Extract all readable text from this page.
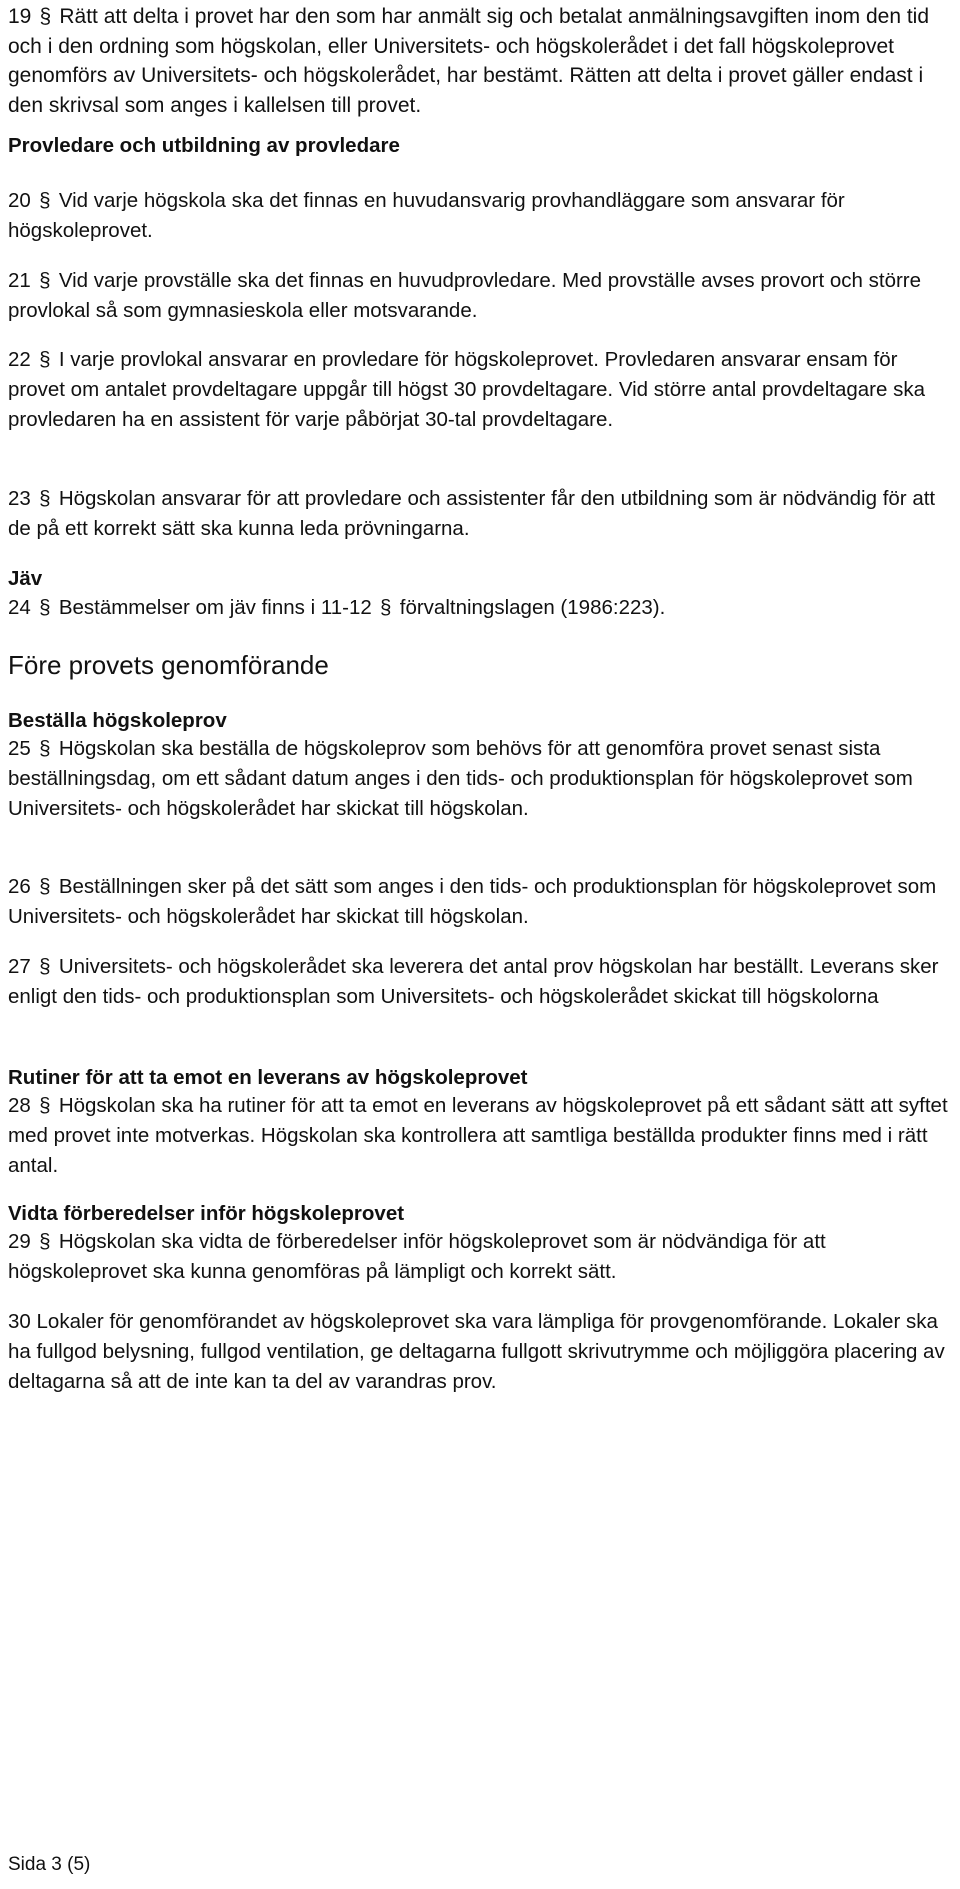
19 § Rätt att delta i provet har den som har anmält sig och betalat anmälningsavgiften inom den tid och i den ordning som högskolan, eller Universitets- och högskolerådet i det fall högskoleprovet genomförs av Universitets- och högskolerådet, har bestämt. Rätten att delta i provet gäller endast i den skrivsal som anges i kallelsen till provet.

Provledare och utbildning av provledare

20 § Vid varje högskola ska det finnas en huvudansvarig provhandläggare som ansvarar för högskoleprovet.

21 § Vid varje provställe ska det finnas en huvudprovledare. Med provställe avses provort och större provlokal så som gymnasieskola eller motsvarande.

22 § I varje provlokal ansvarar en provledare för högskoleprovet. Provledaren ansvarar ensam för provet om antalet provdeltagare uppgår till högst 30 provdeltagare. Vid större antal provdeltagare ska provledaren ha en assistent för varje påbörjat 30-tal provdeltagare.

23 § Högskolan ansvarar för att provledare och assistenter får den utbildning som är nödvändig för att de på ett korrekt sätt ska kunna leda prövningarna.

Jäv

24 § Bestämmelser om jäv finns i 11-12 § förvaltningslagen (1986:223).

Före provets genomförande

Beställa högskoleprov

25 § Högskolan ska beställa de högskoleprov som behövs för att genomföra provet senast sista beställningsdag, om ett sådant datum anges i den tids- och produktionsplan för högskoleprovet som Universitets- och högskolerådet har skickat till högskolan.

26 § Beställningen sker på det sätt som anges i den tids- och produktionsplan för högskoleprovet som Universitets- och högskolerådet har skickat till högskolan.

27 § Universitets- och högskolerådet ska leverera det antal prov högskolan har beställt. Leverans sker enligt den tids- och produktionsplan som Universitets- och högskolerådet skickat till högskolorna

Rutiner för att ta emot en leverans av högskoleprovet

28 § Högskolan ska ha rutiner för att ta emot en leverans av högskoleprovet på ett sådant sätt att syftet med provet inte motverkas. Högskolan ska kontrollera att samtliga beställda produkter finns med i rätt antal.

Vidta förberedelser inför högskoleprovet

29 § Högskolan ska vidta de förberedelser inför högskoleprovet som är nödvändiga för att högskoleprovet ska kunna genomföras på lämpligt och korrekt sätt.

30 Lokaler för genomförandet av högskoleprovet ska vara lämpliga för provgenomförande. Lokaler ska ha fullgod belysning, fullgod ventilation, ge deltagarna fullgott skrivutrymme och möjliggöra placering av deltagarna så att de inte kan ta del av varandras prov.

Sida 3 (5)
